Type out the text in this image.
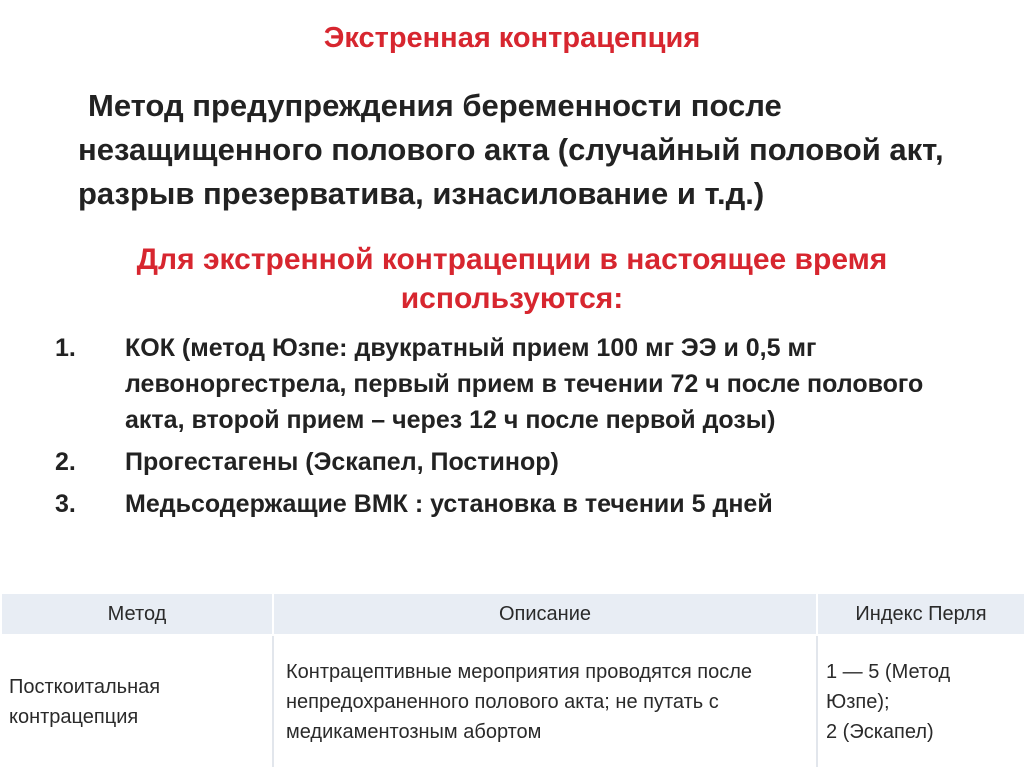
Экстренная контрацепция
Метод предупреждения беременности после незащищенного полового акта (случайный половой акт, разрыв презерватива, изнасилование и т.д.)
Для экстренной контрацепции в настоящее время
используются:
1.	КОК (метод Юзпе: двукратный прием 100 мг ЭЭ и 0,5 мг левоноргестрела, первый прием в течении 72 ч после полового акта, второй прием – через 12 ч после первой дозы)
2.	Прогестагены (Эскапел, Постинор)
3.	Медьсодержащие ВМК : установка в течении 5 дней
Метод	Описание	Индекс Перля
Посткоитальная контрацепция	Контрацептивные мероприятия проводятся после непредохраненного полового акта; не путать с медикаментозным абортом	1 — 5 (Метод Юзпе);
2 (Эскапел)
